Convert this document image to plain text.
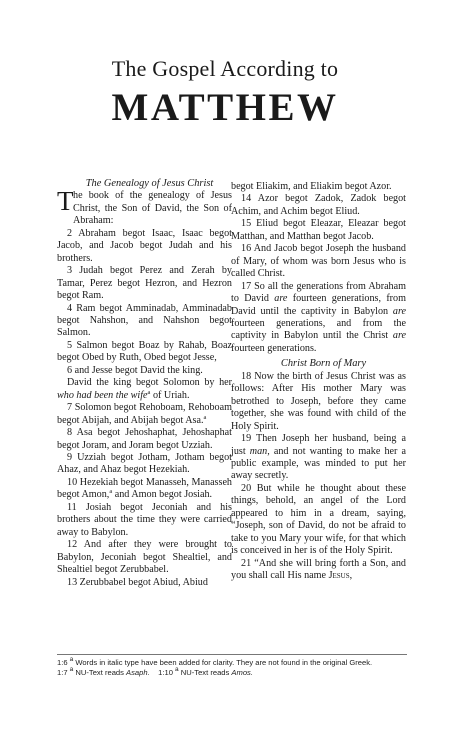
The Gospel According to
MATTHEW

The Genealogy of Jesus Christ

T he book of the genealogy of Jesus Christ, the Son of David, the Son of Abraham:

2 Abraham begot Isaac, Isaac begot Jacob, and Jacob begot Judah and his brothers.

3 Judah begot Perez and Zerah by Tamar, Perez begot Hezron, and Hezron begot Ram.

4 Ram begot Amminadab, Amminadab begot Nahshon, and Nahshon begot Salmon.

5 Salmon begot Boaz by Rahab, Boaz begot Obed by Ruth, Obed begot Jesse,

6 and Jesse begot David the king.

David the king begot Solomon by her who had been the wife$^a$ of Uriah.

7 Solomon begot Rehoboam, Rehoboam begot Abijah, and Abijah begot Asa.$^a$

8 Asa begot Jehoshaphat, Jehoshaphat begot Joram, and Joram begot Uzziah.

9 Uzziah begot Jotham, Jotham begot Ahaz, and Ahaz begot Hezekiah.

10 Hezekiah begot Manasseh, Manasseh begot Amon,$^a$ and Amon begot Josiah.

11 Josiah begot Jeconiah and his brothers about the time they were carried away to Babylon.

12 And after they were brought to Babylon, Jeconiah begot Shealtiel, and Shealtiel begot Zerubbabel.

13 Zerubbabel begot Abiud, Abiud

begot Eliakim, and Eliakim begot Azor.

14 Azor begot Zadok, Zadok begot Achim, and Achim begot Eliud.

15 Eliud begot Eleazar, Eleazar begot Matthan, and Matthan begot Jacob.

16 And Jacob begot Joseph the husband of Mary, of whom was born Jesus who is called Christ.

17 So all the generations from Abraham to David are fourteen generations, from David until the captivity in Babylon are fourteen generations, and from the captivity in Babylon until the Christ are fourteen generations.

Christ Born of Mary

18 Now the birth of Jesus Christ was as follows: After His mother Mary was betrothed to Joseph, before they came together, she was found with child of the Holy Spirit.

19 Then Joseph her husband, being a just man, and not wanting to make her a public example, was minded to put her away secretly.

20 But while he thought about these things, behold, an angel of the Lord appeared to him in a dream, saying, “Joseph, son of David, do not be afraid to take to you Mary your wife, for that which is conceived in her is of the Holy Spirit.

21 “And she will bring forth a Son, and you shall call His name Jesus,

1:6 $^a$ Words in italic type have been added for clarity. They are not found in the original Greek.
1:7 $^a$ NU-Text reads Asaph. 1:10 $^a$ NU-Text reads Amos.
